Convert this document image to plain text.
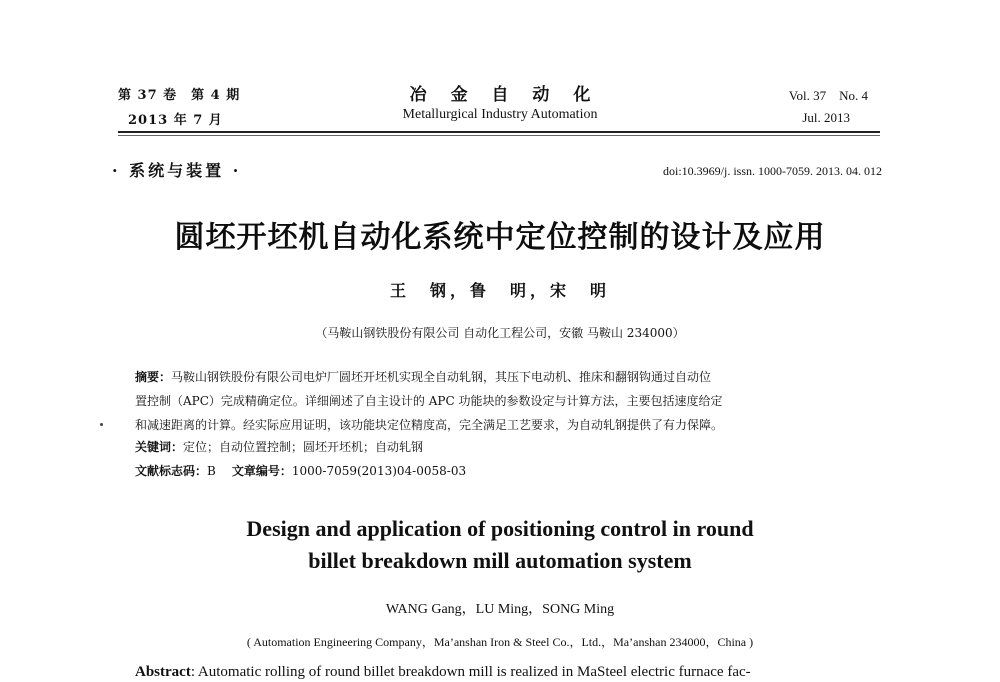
第 37 卷　第 4 期
2013 年 7 月
冶 金 自 动 化
Metallurgical Industry Automation
Vol. 37　No. 4
Jul. 2013
· 系统与装置 ·	doi:10.3969/j. issn. 1000-7059. 2013. 04. 012
圆坯开坯机自动化系统中定位控制的设计及应用
王　钢，鲁　明，宋　明
（马鞍山钢铁股份有限公司 自动化工程公司，安徽 马鞍山 234000）
摘要：马鞍山钢铁股份有限公司电炉厂圆坯开坯机实现全自动轧钢，其压下电动机、推床和翻钢钩通过自动位
置控制（APC）完成精确定位。详细阐述了自主设计的 APC 功能块的参数设定与计算方法，主要包括速度给定
和减速距离的计算。经实际应用证明，该功能块定位精度高，完全满足工艺要求，为自动轧钢提供了有力保障。
关键词：定位；自动位置控制；圆坯开坯机；自动轧钢
文献标志码：B 文章编号：1000-7059(2013)04-0058-03
Design and application of positioning control in round
billet breakdown mill automation system
WANG Gang，LU Ming，SONG Ming
( Automation Engineering Company，Ma’anshan Iron & Steel Co.，Ltd.，Ma’anshan 234000，China )
Abstract: Automatic rolling of round billet breakdown mill is realized in MaSteel electric furnace fac-
